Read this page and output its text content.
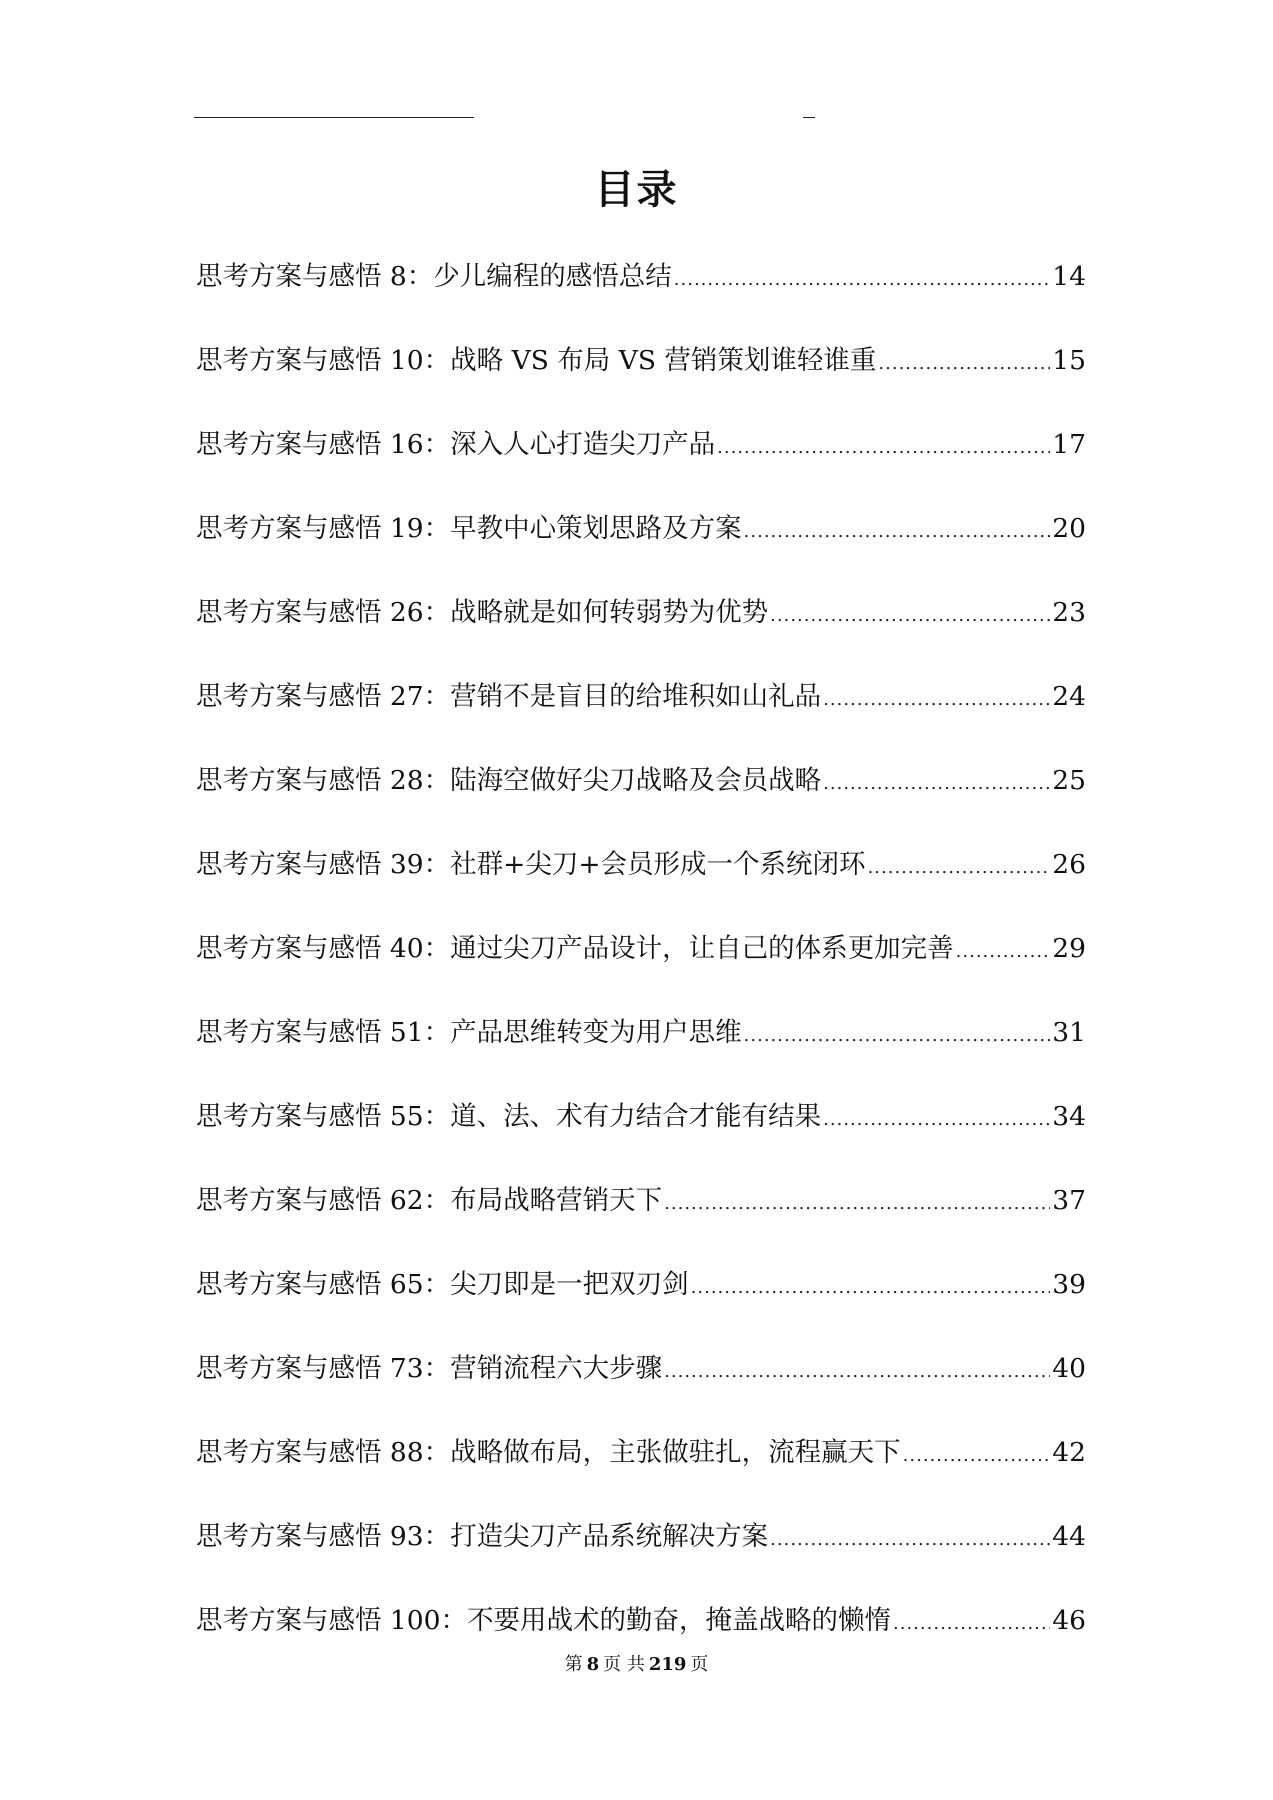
目录
思考方案与感悟 8：少儿编程的感悟总结 .....	14
思考方案与感悟 10：战略 VS 布局 VS 营销策划谁轻谁重 .....	15
思考方案与感悟 16：深入人心打造尖刀产品 .....	17
思考方案与感悟 19：早教中心策划思路及方案 .....	20
思考方案与感悟 26：战略就是如何转弱势为优势 .....	23
思考方案与感悟 27：营销不是盲目的给堆积如山礼品 .....	24
思考方案与感悟 28：陆海空做好尖刀战略及会员战略 .....	25
思考方案与感悟 39：社群+尖刀+会员形成一个系统闭环 .....	26
思考方案与感悟 40：通过尖刀产品设计，让自己的体系更加完善 .....	29
思考方案与感悟 51：产品思维转变为用户思维 .....	31
思考方案与感悟 55：道、法、术有力结合才能有结果 .....	34
思考方案与感悟 62：布局战略营销天下 .....	37
思考方案与感悟 65：尖刀即是一把双刃剑 .....	39
思考方案与感悟 73：营销流程六大步骤 .....	40
思考方案与感悟 88：战略做布局，主张做驻扎，流程赢天下 .....	42
思考方案与感悟 93：打造尖刀产品系统解决方案 .....	44
思考方案与感悟 100：不要用战术的勤奋，掩盖战略的懒惰 .....	46
第 8 页 共 219 页
